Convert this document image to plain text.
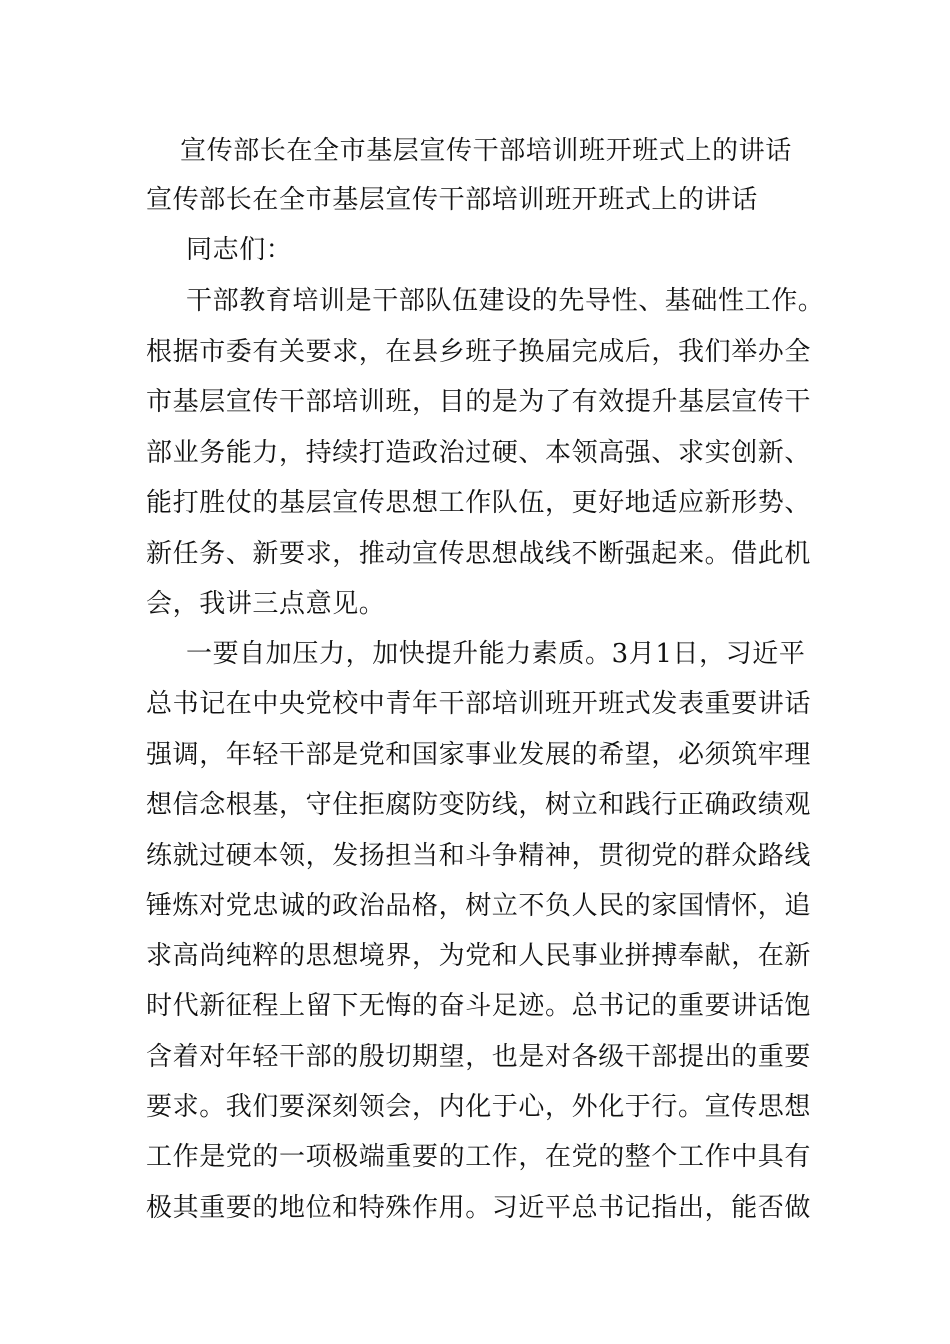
宣传部长在全市基层宣传干部培训班开班式上的讲话
宣传部长在全市基层宣传干部培训班开班式上的讲话
同志们：
干部教育培训是干部队伍建设的先导性、基础性工作。
根据市委有关要求，在县乡班子换届完成后，我们举办全
市基层宣传干部培训班，目的是为了有效提升基层宣传干
部业务能力，持续打造政治过硬、本领高强、求实创新、
能打胜仗的基层宣传思想工作队伍，更好地适应新形势、
新任务、新要求，推动宣传思想战线不断强起来。借此机
会，我讲三点意见。
一要自加压力，加快提升能力素质。3月1日，习近平
总书记在中央党校中青年干部培训班开班式发表重要讲话
强调，年轻干部是党和国家事业发展的希望，必须筑牢理
想信念根基，守住拒腐防变防线，树立和践行正确政绩观
练就过硬本领，发扬担当和斗争精神，贯彻党的群众路线
锤炼对党忠诚的政治品格，树立不负人民的家国情怀，追
求高尚纯粹的思想境界，为党和人民事业拼搏奉献，在新
时代新征程上留下无悔的奋斗足迹。总书记的重要讲话饱
含着对年轻干部的殷切期望，也是对各级干部提出的重要
要求。我们要深刻领会，内化于心，外化于行。宣传思想
工作是党的一项极端重要的工作，在党的整个工作中具有
极其重要的地位和特殊作用。习近平总书记指出，能否做
